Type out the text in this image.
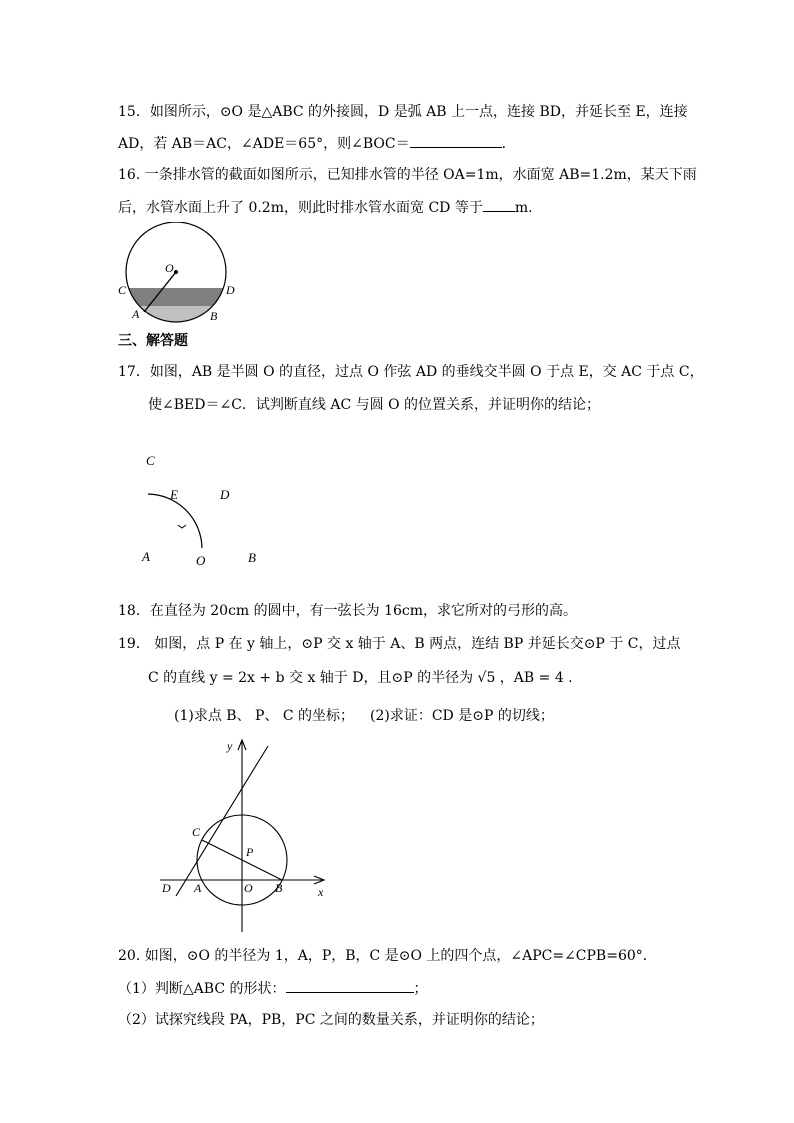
15．如图所示，⊙O 是△ABC 的外接圆，D 是弧 AB 上一点，连接 BD，并延长至 E，连接
AD，若 AB＝AC，∠ADE＝65°，则∠BOC＝	．
16. 一条排水管的截面如图所示，已知排水管的半径 OA=1m，水面宽 AB=1.2m，某天下雨
后，水管水面上升了 0.2m，则此时排水管水面宽 CD 等于 m.
O
C	D
A	B
三、解答题
17．如图，AB 是半圆 O 的直径，过点 O 作弦 AD 的垂线交半圆 O 于点 E，交 AC 于点 C，
使∠BED＝∠C．试判断直线 AC 与圆 O 的位置关系，并证明你的结论；
C
E	D
A	O	B
18．在直径为 20cm 的圆中，有一弦长为 16cm，求它所对的弓形的高。
19． 如图，点 P 在 y 轴上，⊙P 交 x 轴于 A、B 两点，连结 BP 并延长交⊙P 于 C，过点
C 的直线 y = 2x + b 交 x 轴于 D，且⊙P 的半径为 √5 ，AB = 4 .
(1)求点 B、 P、 C 的坐标； (2)求证：CD 是⊙P 的切线；
y
x
C
P
D A	O B
20. 如图，⊙O 的半径为 1，A，P，B，C 是⊙O 上的四个点，∠APC=∠CPB=60°．
（1）判断△ABC 的形状：	；
（2）试探究线段 PA，PB，PC 之间的数量关系，并证明你的结论；
